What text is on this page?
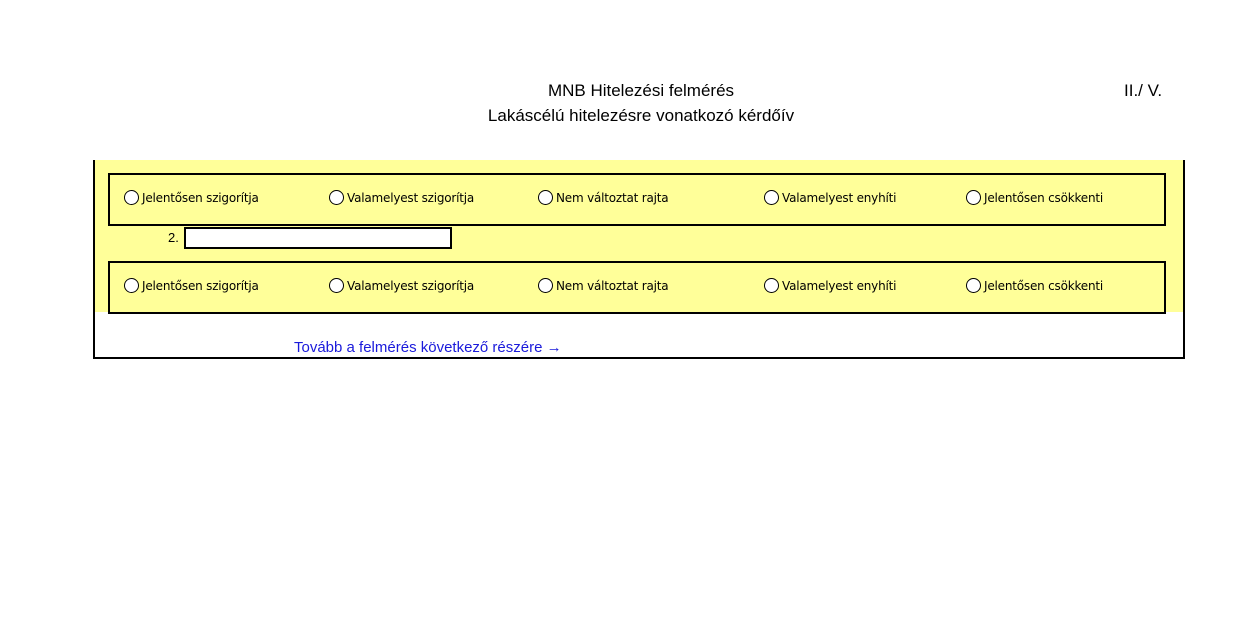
MNB Hitelezési felmérés
Lakáscélú hitelezésre vonatkozó kérdőív
II./ V.
Jelentősen szigorítja	Valamelyest szigorítja	Nem változtat rajta	Valamelyest enyhíti	Jelentősen csökkenti
2.
Jelentősen szigorítja	Valamelyest szigorítja	Nem változtat rajta	Valamelyest enyhíti	Jelentősen csökkenti
Tovább a felmérés következő részére →
